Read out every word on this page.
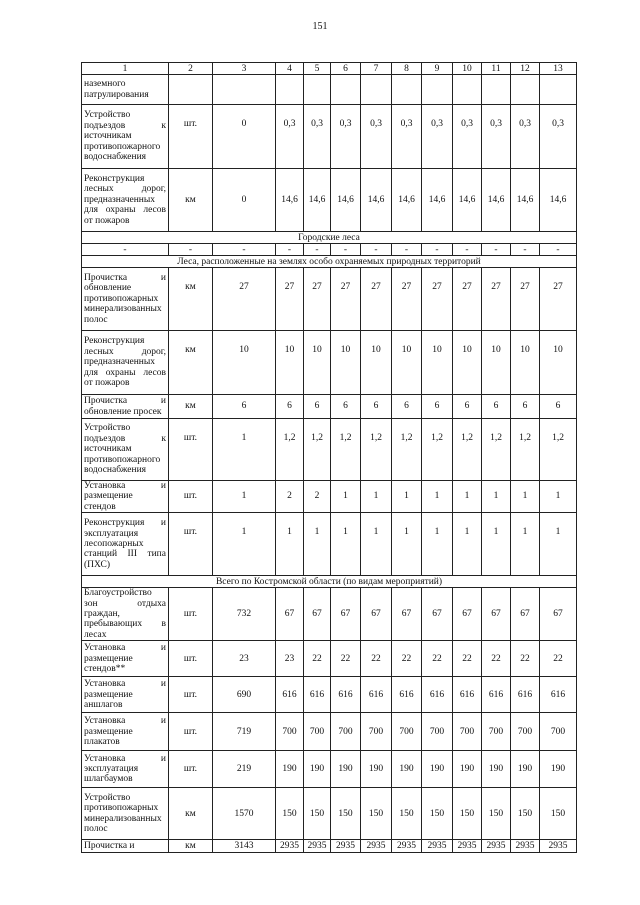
151
1	2	3	4	5	6	7	8	9	10	11	12	13
наземного патрулирования												
Устройство подъездов к источникам противопожарного водоснабжения	шт.	0	0,3	0,3	0,3	0,3	0,3	0,3	0,3	0,3	0,3	0,3
Реконструкция лесных дорог, предназначенных для охраны лесов от пожаров	км	0	14,6	14,6	14,6	14,6	14,6	14,6	14,6	14,6	14,6	14,6
Городские леса												
-	-	-	-	-	-	-	-	-	-	-	-	-
Леса, расположенные на землях особо охраняемых природных территорий												
Прочистка и обновление противопожарных минерализованных полос	км	27	27	27	27	27	27	27	27	27	27	27
Реконструкция лесных дорог, предназначенных для охраны лесов от пожаров	км	10	10	10	10	10	10	10	10	10	10	10
Прочистка и обновление просек	км	6	6	6	6	6	6	6	6	6	6	6
Устройство подъездов к источникам противопожарного водоснабжения	шт.	1	1,2	1,2	1,2	1,2	1,2	1,2	1,2	1,2	1,2	1,2
Установка и размещение стендов	шт.	1	2	2	1	1	1	1	1	1	1	1
Реконструкция и эксплуатация лесопожарных станций III типа (ПХС)	шт.	1	1	1	1	1	1	1	1	1	1	1
Всего по Костромской области (по видам мероприятий)												
Благоустройство зон отдыха граждан, пребывающих в лесах	шт.	732	67	67	67	67	67	67	67	67	67	67
Установка и размещение стендов**	шт.	23	23	22	22	22	22	22	22	22	22	22
Установка и размещение аншлагов	шт.	690	616	616	616	616	616	616	616	616	616	616
Установка и размещение плакатов	шт.	719	700	700	700	700	700	700	700	700	700	700
Установка и эксплуатация шлагбаумов	шт.	219	190	190	190	190	190	190	190	190	190	190
Устройство противопожарных минерализованных полос	км	1570	150	150	150	150	150	150	150	150	150	150
Прочистка и	км	3143	2935	2935	2935	2935	2935	2935	2935	2935	2935	2935
